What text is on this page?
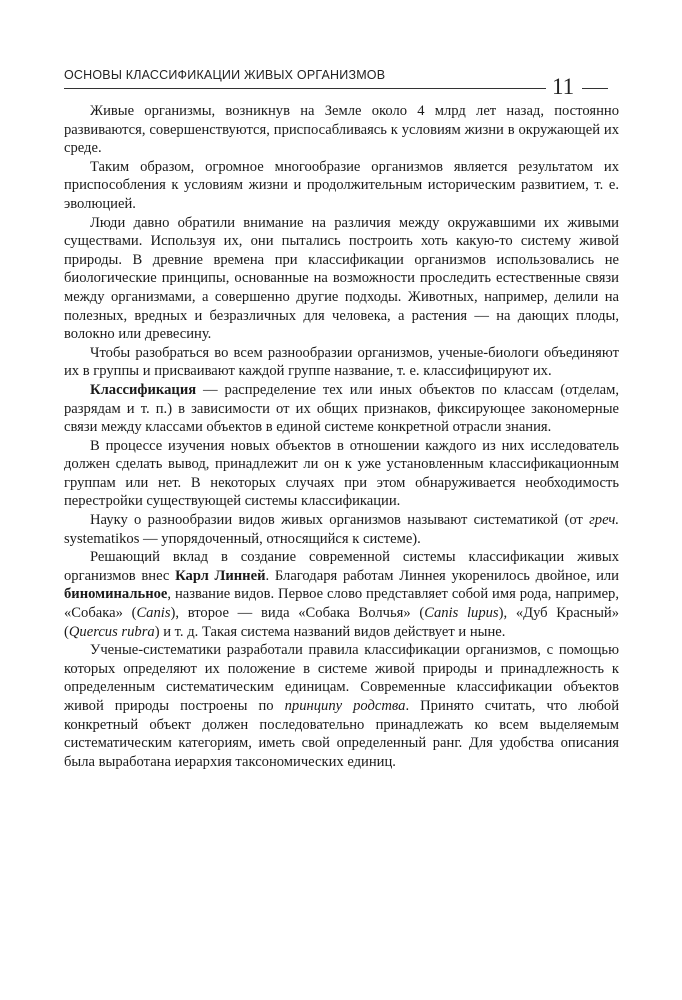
ОСНОВЫ КЛАССИФИКАЦИИ ЖИВЫХ ОРГАНИЗМОВ	11

Живые организмы, возникнув на Земле около 4 млрд лет назад, постоянно развиваются, совершенствуются, приспосабливаясь к условиям жизни в окружающей их среде.

Таким образом, огромное многообразие организмов является результатом их приспособления к условиям жизни и продолжительным историческим развитием, т. е. эволюцией.

Люди давно обратили внимание на различия между окружавшими их живыми существами. Используя их, они пытались построить хоть какую-то систему живой природы. В древние времена при классификации организмов использовались не биологические принципы, основанные на возможности проследить естественные связи между организмами, а совершенно другие подходы. Животных, например, делили на полезных, вредных и безразличных для человека, а растения — на дающих плоды, волокно или древесину.

Чтобы разобраться во всем разнообразии организмов, ученые-биологи объединяют их в группы и присваивают каждой группе название, т. е. классифицируют их.

Классификация — распределение тех или иных объектов по классам (отделам, разрядам и т. п.) в зависимости от их общих признаков, фиксирующее закономерные связи между классами объектов в единой системе конкретной отрасли знания.

В процессе изучения новых объектов в отношении каждого из них исследователь должен сделать вывод, принадлежит ли он к уже установленным классификационным группам или нет. В некоторых случаях при этом обнаруживается необходимость перестройки существующей системы классификации.

Науку о разнообразии видов живых организмов называют систематикой (от греч. systematikos — упорядоченный, относящийся к системе).

Решающий вклад в создание современной системы классификации живых организмов внес Карл Линней. Благодаря работам Линнея укоренилось двойное, или биноминальное, название видов. Первое слово представляет собой имя рода, например, «Собака» (Canis), второе — вида «Собака Волчья» (Canis lupus), «Дуб Красный» (Quercus rubra) и т. д. Такая система названий видов действует и ныне.

Ученые-систематики разработали правила классификации организмов, с помощью которых определяют их положение в системе живой природы и принадлежность к определенным систематическим единицам. Современные классификации объектов живой природы построены по принципу родства. Принято считать, что любой конкретный объект должен последовательно принадлежать ко всем выделяемым систематическим категориям, иметь свой определенный ранг. Для удобства описания была выработана иерархия таксономических единиц.
